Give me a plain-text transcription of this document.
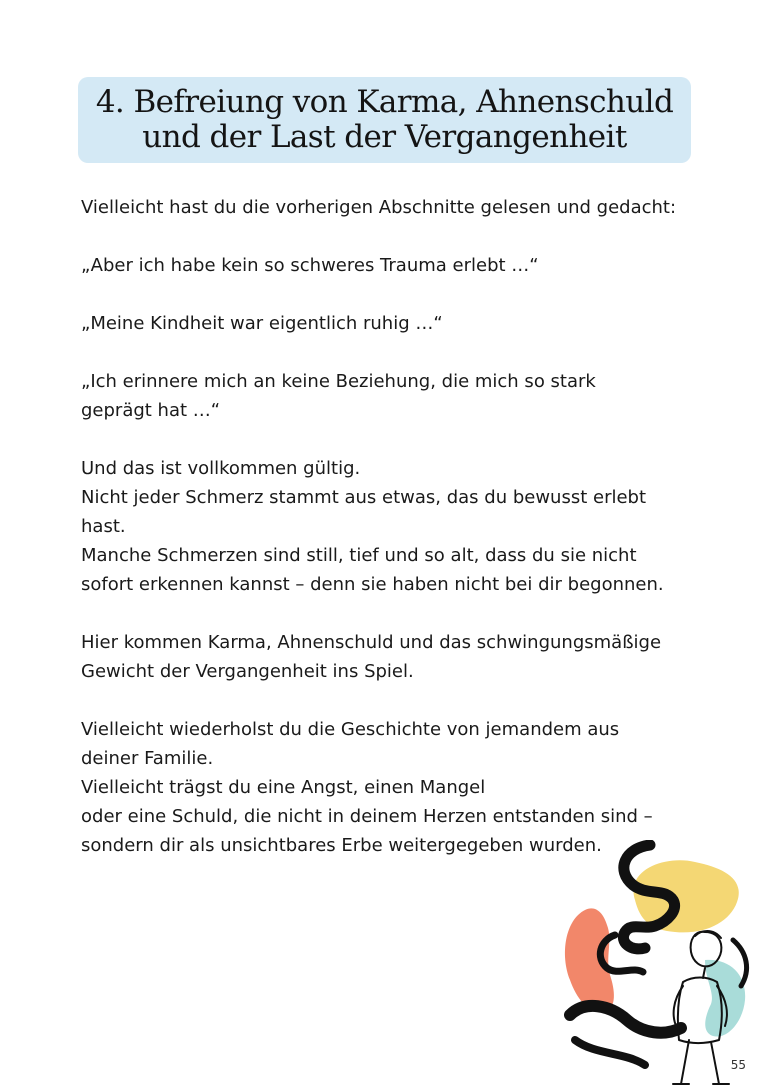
4. Befreiung von Karma, Ahnenschuld
und der Last der Vergangenheit

Vielleicht hast du die vorherigen Abschnitte gelesen und gedacht:

„Aber ich habe kein so schweres Trauma erlebt …“

„Meine Kindheit war eigentlich ruhig …“

„Ich erinnere mich an keine Beziehung, die mich so stark

geprägt hat …“

Und das ist vollkommen gültig.

Nicht jeder Schmerz stammt aus etwas, das du bewusst erlebt

hast.

Manche Schmerzen sind still, tief und so alt, dass du sie nicht

sofort erkennen kannst – denn sie haben nicht bei dir begonnen.

Hier kommen Karma, Ahnenschuld und das schwingungsmäßige

Gewicht der Vergangenheit ins Spiel.

Vielleicht wiederholst du die Geschichte von jemandem aus

deiner Familie.

Vielleicht trägst du eine Angst, einen Mangel

oder eine Schuld, die nicht in deinem Herzen entstanden sind –

sondern dir als unsichtbares Erbe weitergegeben wurden.

55
